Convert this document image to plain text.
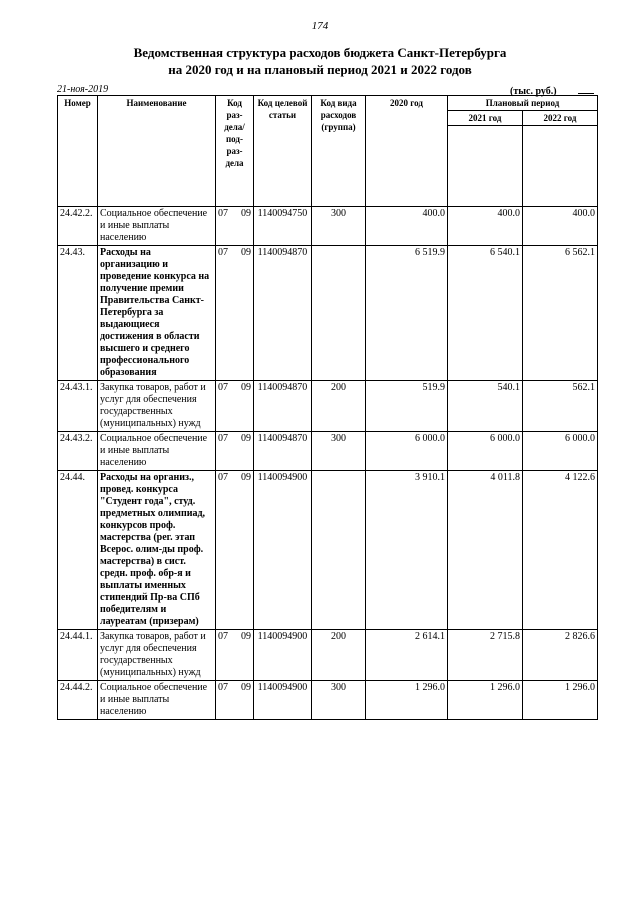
174
Ведомственная структура расходов бюджета Санкт-Петербурга
на 2020 год и на плановый период 2021 и 2022 годов
21-ноя-2019	(тыс. руб.)
Номер	Наименование	Код раз-дела/ под-раз-дела	Код целевой статьи	Код вида расходов (группа)	2020 год	Плановый период	
						2021 год	2022 год

24.42.2.	Социальное обеспечение и иные выплаты населению	07 09	1140094750	300	400.0	400.0	400.0
24.43.	Расходы на организацию и проведение конкурса на получение премии Правительства Санкт-Петербурга за выдающиеся достижения в области высшего и среднего профессионального образования	07 09	1140094870		6 519.9	6 540.1	6 562.1
24.43.1.	Закупка товаров, работ и услуг для обеспечения государственных (муниципальных) нужд	07 09	1140094870	200	519.9	540.1	562.1
24.43.2.	Социальное обеспечение и иные выплаты населению	07 09	1140094870	300	6 000.0	6 000.0	6 000.0
24.44.	Расходы на организ., провед. конкурса "Студент года", студ. предметных олимпиад, конкурсов проф. мастерства (рег. этап Всерос. олим-ды проф. мастерства) в сист. средн. проф. обр-я и выплаты именных стипендий Пр-ва СПб победителям и лауреатам (призерам)	07 09	1140094900		3 910.1	4 011.8	4 122.6
24.44.1.	Закупка товаров, работ и услуг для обеспечения государственных (муниципальных) нужд	07 09	1140094900	200	2 614.1	2 715.8	2 826.6
24.44.2.	Социальное обеспечение и иные выплаты населению	07 09	1140094900	300	1 296.0	1 296.0	1 296.0
